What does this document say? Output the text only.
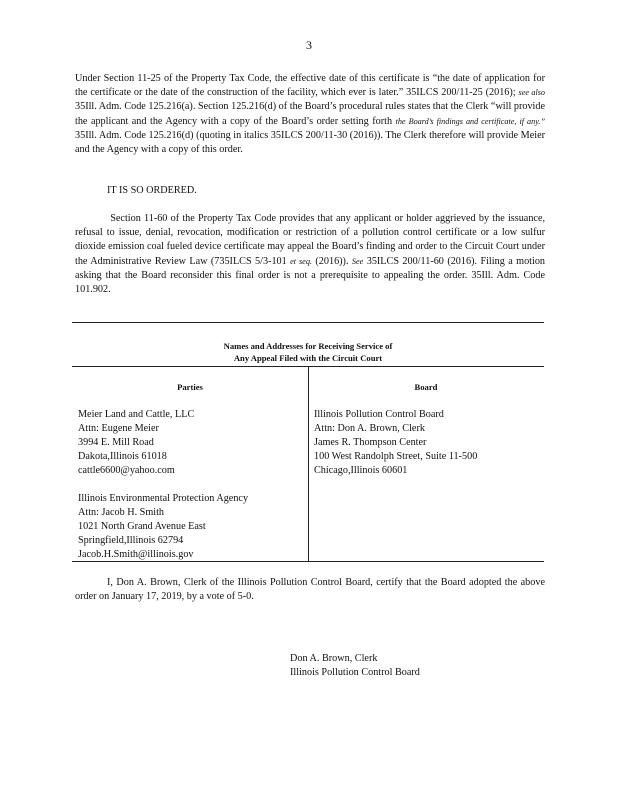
3
Under Section 11-25 of the Property Tax Code, the effective date of this certificate is “the date of application for the certificate or the date of the construction of the facility, which ever is later.” 35ILCS 200/11-25 (2016); see also 35Ill. Adm. Code 125.216(a). Section 125.216(d) of the Board’s procedural rules states that the Clerk “will provide the applicant and the Agency with a copy of the Board’s order setting forth the Board’s findings and certificate, if any.” 35Ill. Adm. Code 125.216(d) (quoting in italics 35ILCS 200/11-30 (2016)). The Clerk therefore will provide Meier and the Agency with a copy of this order.
IT IS SO ORDERED.
Section 11-60 of the Property Tax Code provides that any applicant or holder aggrieved by the issuance, refusal to issue, denial, revocation, modification or restriction of a pollution control certificate or a low sulfur dioxide emission coal fueled device certificate may appeal the Board’s finding and order to the Circuit Court under the Administrative Review Law (735ILCS 5/3-101 et seq. (2016)). See 35ILCS 200/11-60 (2016). Filing a motion asking that the Board reconsider this final order is not a prerequisite to appealing the order. 35Ill. Adm. Code 101.902.
Names and Addresses for Receiving Service of
Any Appeal Filed with the Circuit Court
Parties	Board
Meier Land and Cattle, LLC
Attn: Eugene Meier
3994 E. Mill Road
Dakota,Illinois 61018
cattle6600@yahoo.com
Illinois Environmental Protection Agency
Attn: Jacob H. Smith
1021 North Grand Avenue East
Springfield,Illinois 62794
Jacob.H.Smith@illinois.gov
Illinois Pollution Control Board
Attn: Don A. Brown, Clerk
James R. Thompson Center
100 West Randolph Street, Suite 11-500
Chicago,Illinois 60601
I, Don A. Brown, Clerk of the Illinois Pollution Control Board, certify that the Board adopted the above order on January 17, 2019, by a vote of 5-0.
Don A. Brown, Clerk
Illinois Pollution Control Board
